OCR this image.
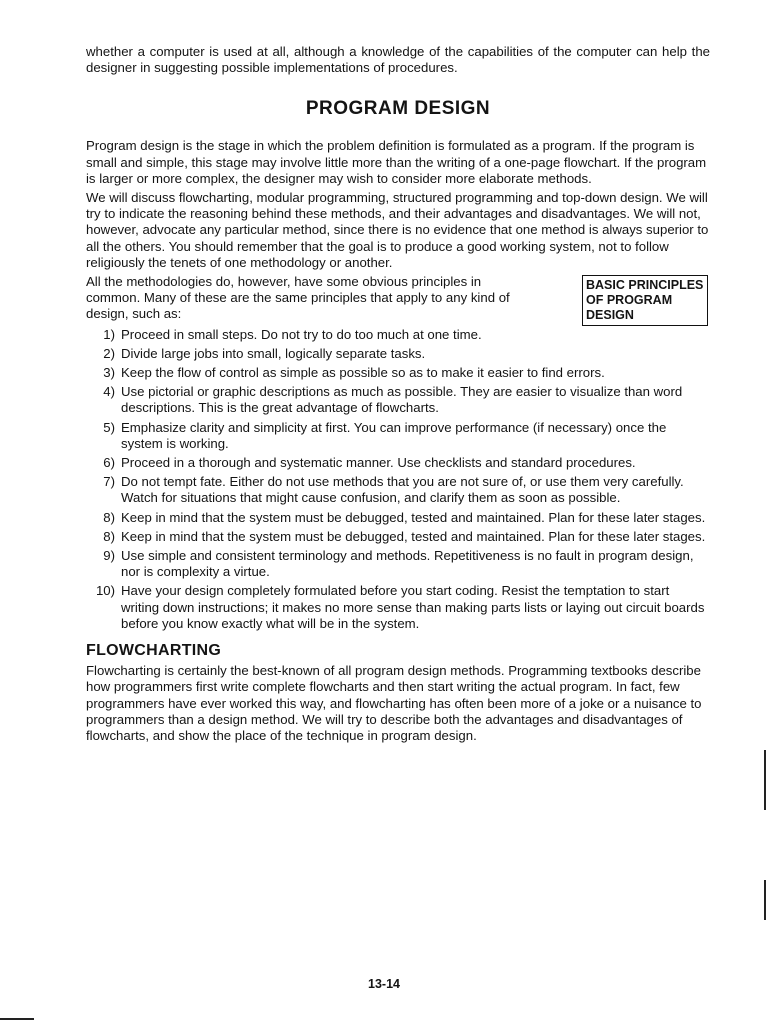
whether a computer is used at all, although a knowledge of the capabilities of the computer can help the designer in suggesting possible implementations of procedures.

PROGRAM DESIGN

Program design is the stage in which the problem definition is formulated as a program. If the program is small and simple, this stage may involve little more than the writing of a one-page flowchart. If the program is larger or more complex, the designer may wish to consider more elaborate methods.

We will discuss flowcharting, modular programming, structured programming and top-down design. We will try to indicate the reasoning behind these methods, and their advantages and disadvantages. We will not, however, advocate any particular method, since there is no evidence that one method is always superior to all the others. You should remember that the goal is to produce a good working system, not to follow religiously the tenets of one methodology or another.

BASIC PRINCIPLES OF PROGRAM DESIGN

All the methodologies do, however, have some obvious principles in common. Many of these are the same principles that apply to any kind of design, such as:

1) Proceed in small steps. Do not try to do too much at one time.
2) Divide large jobs into small, logically separate tasks.
3) Keep the flow of control as simple as possible so as to make it easier to find errors.
4) Use pictorial or graphic descriptions as much as possible. They are easier to visualize than word descriptions. This is the great advantage of flowcharts.
5) Emphasize clarity and simplicity at first. You can improve performance (if necessary) once the system is working.
6) Proceed in a thorough and systematic manner. Use checklists and standard procedures.
7) Do not tempt fate. Either do not use methods that you are not sure of, or use them very carefully. Watch for situations that might cause confusion, and clarify them as soon as possible.
8) Keep in mind that the system must be debugged, tested and maintained. Plan for these later stages.
8) Keep in mind that the system must be debugged, tested and maintained. Plan for these later stages.
9) Use simple and consistent terminology and methods. Repetitiveness is no fault in program design, nor is complexity a virtue.
10) Have your design completely formulated before you start coding. Resist the temptation to start writing down instructions; it makes no more sense than making parts lists or laying out circuit boards before you know exactly what will be in the system.
FLOWCHARTING

Flowcharting is certainly the best-known of all program design methods. Programming textbooks describe how programmers first write complete flowcharts and then start writing the actual program. In fact, few programmers have ever worked this way, and flowcharting has often been more of a joke or a nuisance to programmers than a design method. We will try to describe both the advantages and disadvantages of flowcharts, and show the place of the technique in program design.

13-14
